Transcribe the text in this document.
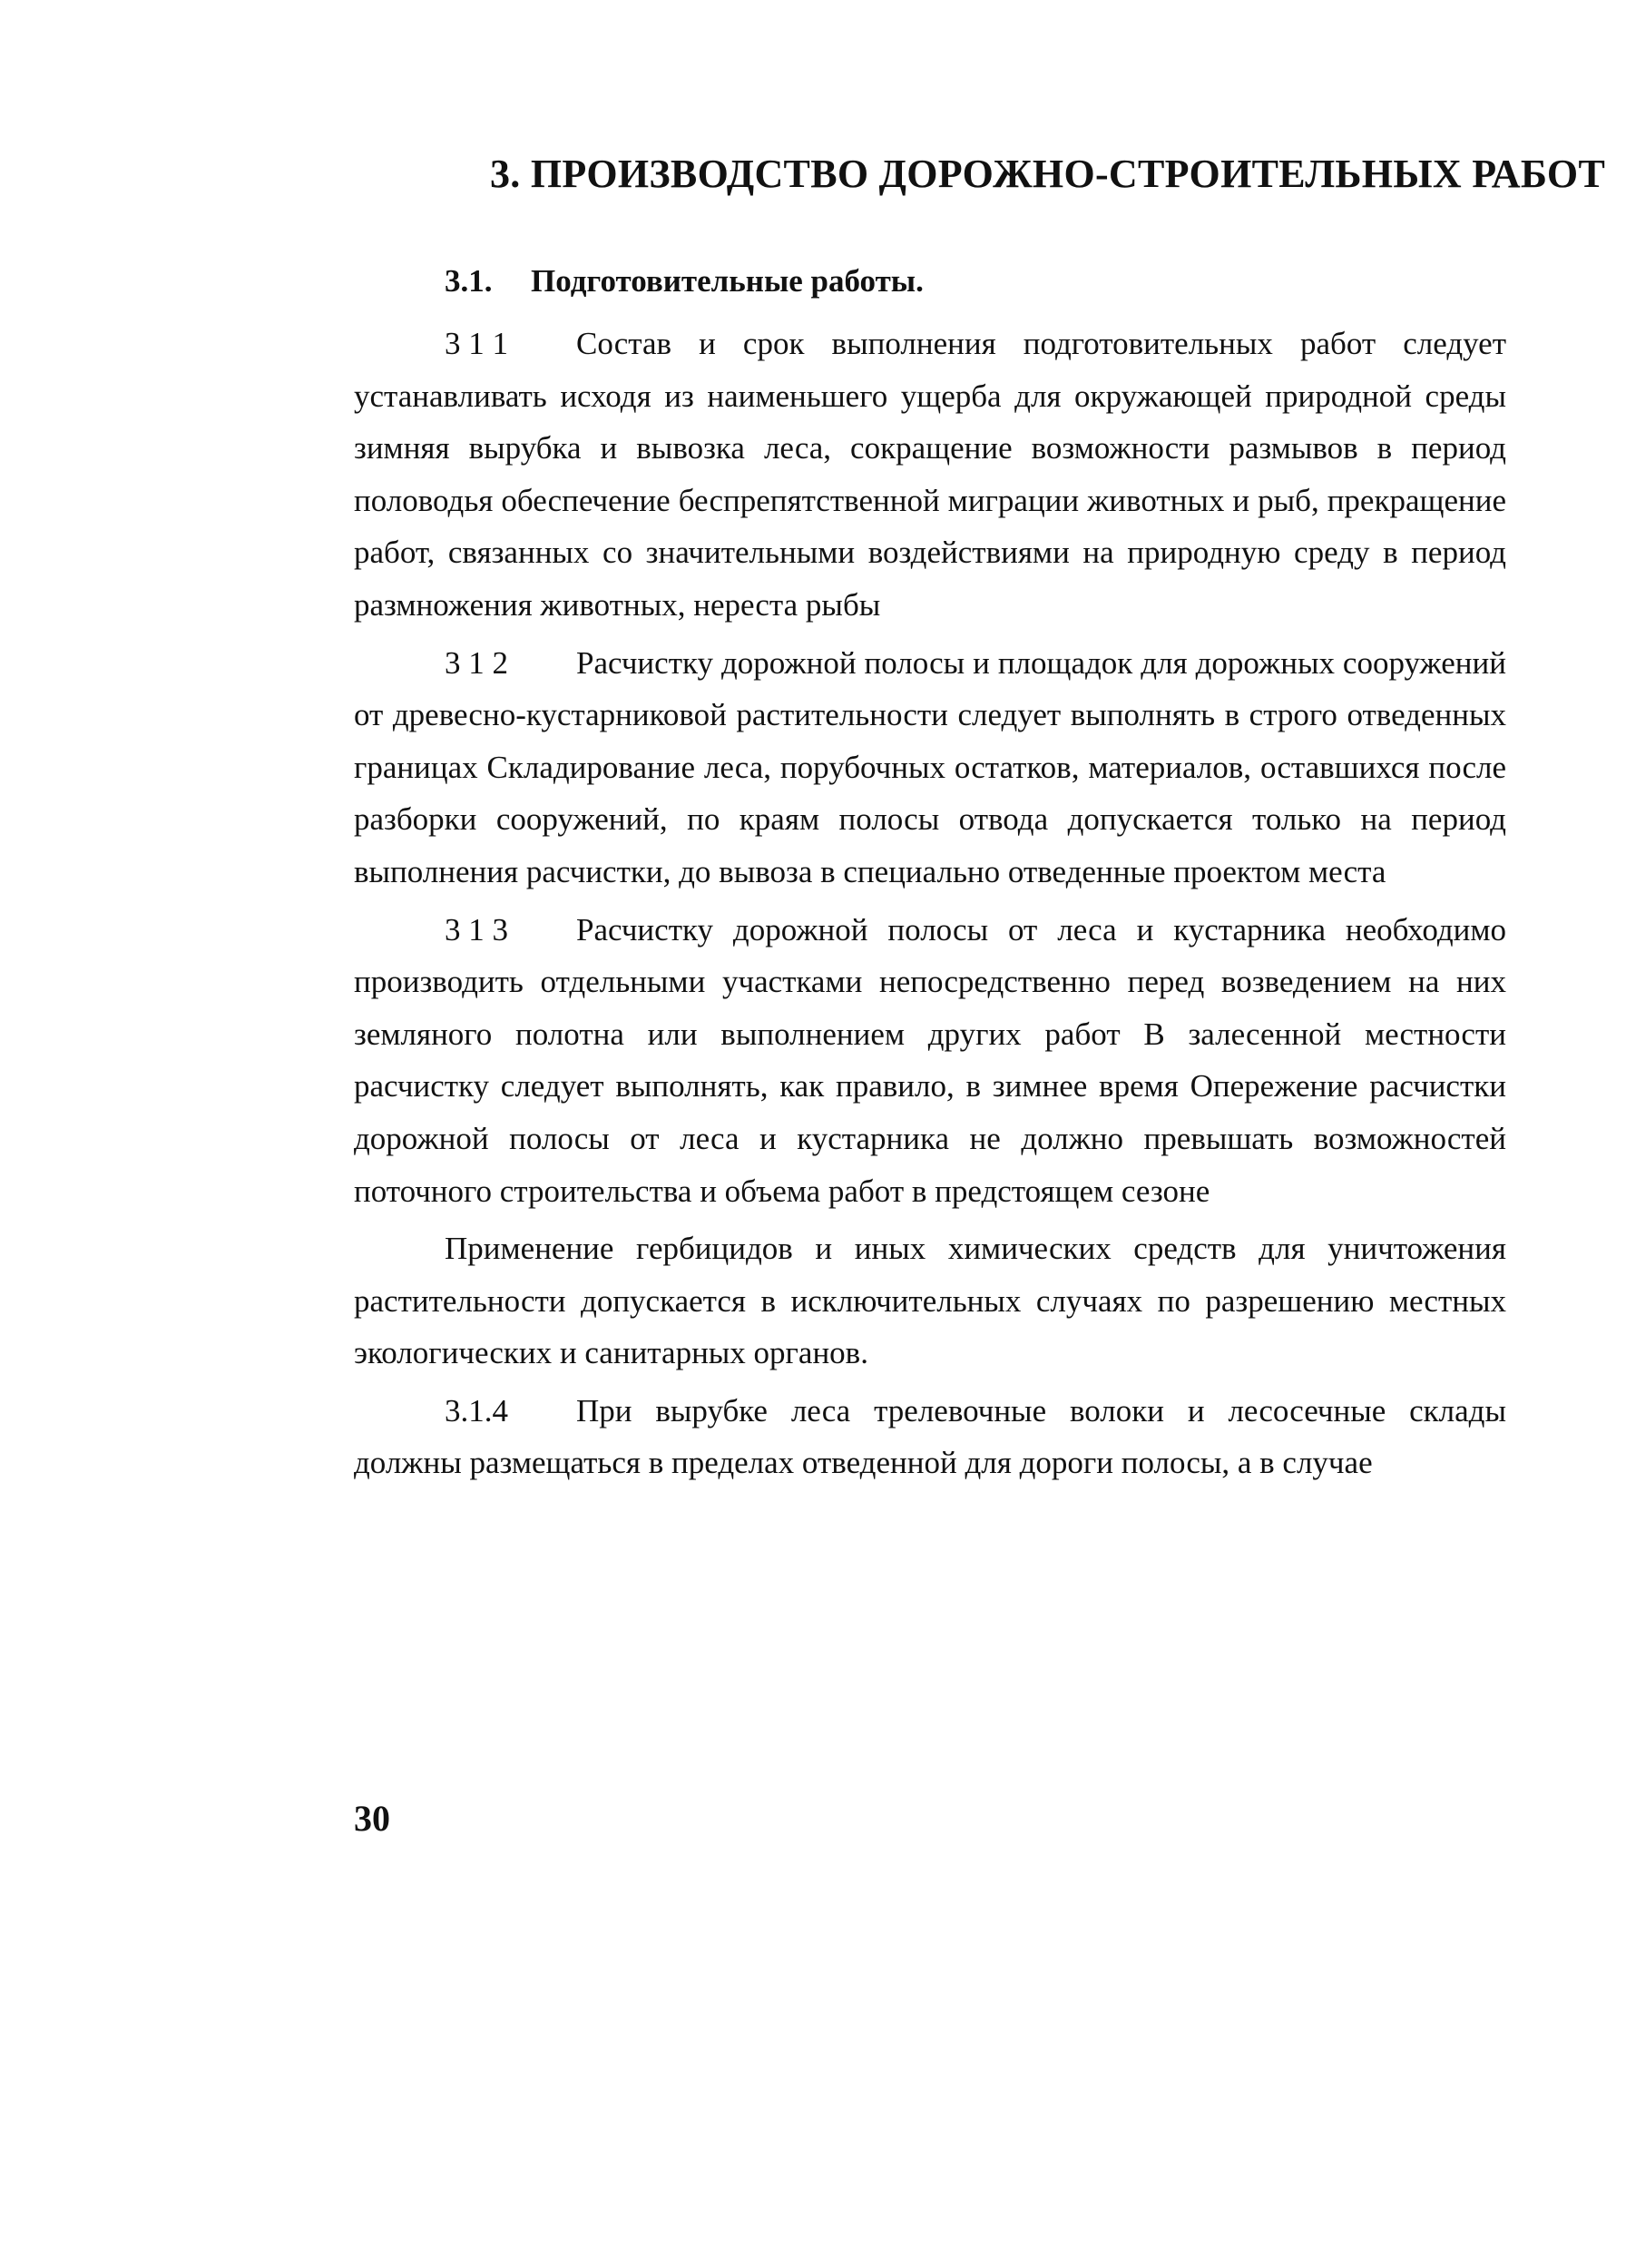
3. ПРОИЗВОДСТВО ДОРОЖНО-СТРОИТЕЛЬНЫХ РАБОТ
3.1. Подготовительные работы.

3 1 1 Состав и срок выполнения подготовительных работ следует устанавливать исходя из наименьшего ущерба для окружающей природной среды зимняя вырубка и вывозка леса, сокращение возможности размывов в период половодья обеспечение беспрепятственной миграции животных и рыб, прекращение работ, связанных со значительными воздействиями на природную среду в период размножения животных, нереста рыбы

3 1 2 Расчистку дорожной полосы и площадок для дорожных сооружений от древесно-кустарниковой растительности следует выполнять в строго отведенных границах Складирование леса, порубочных остатков, материалов, оставшихся после разборки сооружений, по краям полосы отвода допускается только на период выполнения расчистки, до вывоза в специально отведенные проектом места

3 1 3 Расчистку дорожной полосы от леса и кустарника необходимо производить отдельными участками непосредственно перед возведением на них земляного полотна или выполнением других работ В залесенной местности расчистку следует выполнять, как правило, в зимнее время Опережение расчистки дорожной полосы от леса и кустарника не должно превышать возможностей поточного строительства и объема работ в предстоящем сезоне

Применение гербицидов и иных химических средств для уничтожения растительности допускается в исключительных случаях по разрешению местных экологических и санитарных органов.

3.1.4 При вырубке леса трелевочные волоки и лесосечные склады должны размещаться в пределах отведенной для дороги полосы, а в случае

30
